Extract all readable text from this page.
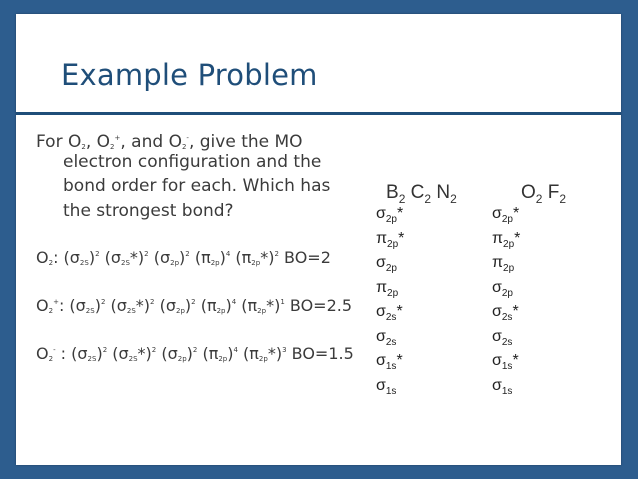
Example Problem
For $O_2$, $O_2^+$, and $O_2^-$, give the MO
electron configuration and the
bond order for each. Which has
the strongest bond?
$O_2$: $(\sigma_{2S})^2$ $(\sigma_{2S}*)^2$ $(\sigma_{2p})^2$ $(\pi_{2p})^4$ $(\pi_{2p}*)^2$ BO=2
$O_2^+$: $(\sigma_{2S})^2$ $(\sigma_{2S}*)^2$ $(\sigma_{2p})^2$ $(\pi_{2p})^4$ $(\pi_{2p}*)^1$ BO=2.5
$O_2^-$ : $(\sigma_{2S})^2$ $(\sigma_{2S}*)^2$ $(\sigma_{2p})^2$ $(\pi_{2p})^4$ $(\pi_{2p}*)^3$ BO=1.5
$B_2$ $C_2$ $N_2$	$O_2$ $F_2$
$\sigma_{2p}*$
$\pi_{2p}*$
$\sigma_{2p}$
$\pi_{2p}$
$\sigma_{2s}*$
$\sigma_{2s}$
$\sigma_{1s}*$
$\sigma_{1s}$
$\sigma_{2p}*$
$\pi_{2p}*$
$\pi_{2p}$
$\sigma_{2p}$
$\sigma_{2s}*$
$\sigma_{2s}$
$\sigma_{1s}*$
$\sigma_{1s}$
